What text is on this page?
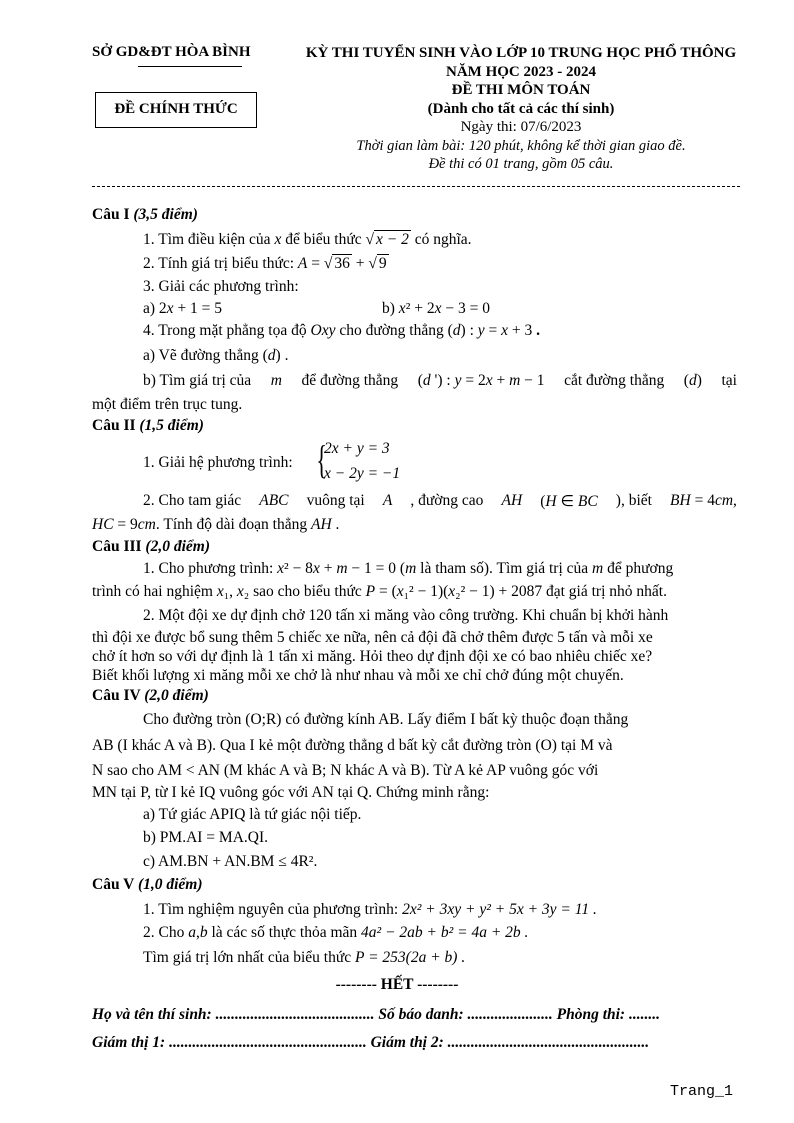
SỞ GD&ĐT HÒA BÌNH
ĐỀ CHÍNH THỨC
KỲ THI TUYỂN SINH VÀO LỚP 10 TRUNG HỌC PHỔ THÔNG
NĂM HỌC 2023 - 2024
ĐỀ THI MÔN TOÁN
(Dành cho tất cả các thí sinh)
Ngày thi: 07/6/2023
Thời gian làm bài: 120 phút, không kể thời gian giao đề.
Đề thi có 01 trang, gồm 05 câu.
Câu I (3,5 điểm)
1. Tìm điều kiện của x để biểu thức √ x − 2 có nghĩa.
2. Tính giá trị biểu thức: A = √ 36 + √ 9
3. Giải các phương trình:
a) 2x + 1 = 5	b) x² + 2x − 3 = 0
4. Trong mặt phẳng tọa độ Oxy cho đường thẳng (d) : y = x + 3 .
a) Vẽ đường thẳng (d) .
b) Tìm giá trị của m để đường thẳng (d ') : y = 2x + m − 1 cắt đường thẳng (d) tại
một điểm trên trục tung.
Câu II (1,5 điểm)
1. Giải hệ phương trình: {
2x + y = 3
x − 2y = −1
2. Cho tam giác ABC vuông tại A , đường cao AH (H ∈ BC ), biết BH = 4cm,
HC = 9cm. Tính độ dài đoạn thẳng AH .
Câu III (2,0 điểm)
1. Cho phương trình: x² − 8x + m − 1 = 0 (m là tham số). Tìm giá trị của m để phương
trình có hai nghiệm x₁, x₂ sao cho biểu thức P = (x₁² − 1)(x₂² − 1) + 2087 đạt giá trị nhỏ nhất.
2. Một đội xe dự định chở 120 tấn xi măng vào công trường. Khi chuẩn bị khởi hành
thì đội xe được bổ sung thêm 5 chiếc xe nữa, nên cả đội đã chở thêm được 5 tấn và mỗi xe
chở ít hơn so với dự định là 1 tấn xi măng. Hỏi theo dự định đội xe có bao nhiêu chiếc xe?
Biết khối lượng xi măng mỗi xe chở là như nhau và mỗi xe chỉ chở đúng một chuyến.
Câu IV (2,0 điểm)
Cho đường tròn (O;R) có đường kính AB. Lấy điểm I bất kỳ thuộc đoạn thẳng
AB (I khác A và B). Qua I kẻ một đường thẳng d bất kỳ cắt đường tròn (O) tại M và
N sao cho AM < AN (M khác A và B; N khác A và B). Từ A kẻ AP vuông góc với
MN tại P, từ I kẻ IQ vuông góc với AN tại Q. Chứng minh rằng:
a) Tứ giác APIQ là tứ giác nội tiếp.
b) PM.AI = MA.QI.
c) AM.BN + AN.BM ≤ 4R².
Câu V (1,0 điểm)
1. Tìm nghiệm nguyên của phương trình: 2x² + 3xy + y² + 5x + 3y = 11 .
2. Cho a,b là các số thực thỏa mãn 4a² − 2ab + b² = 4a + 2b .
Tìm giá trị lớn nhất của biểu thức P = 253(2a + b) .
-------- HẾT --------
Họ và tên thí sinh: ......................................... Số báo danh: ...................... Phòng thi: ........
Giám thị 1: ................................................... Giám thị 2: ....................................................
Trang_1
